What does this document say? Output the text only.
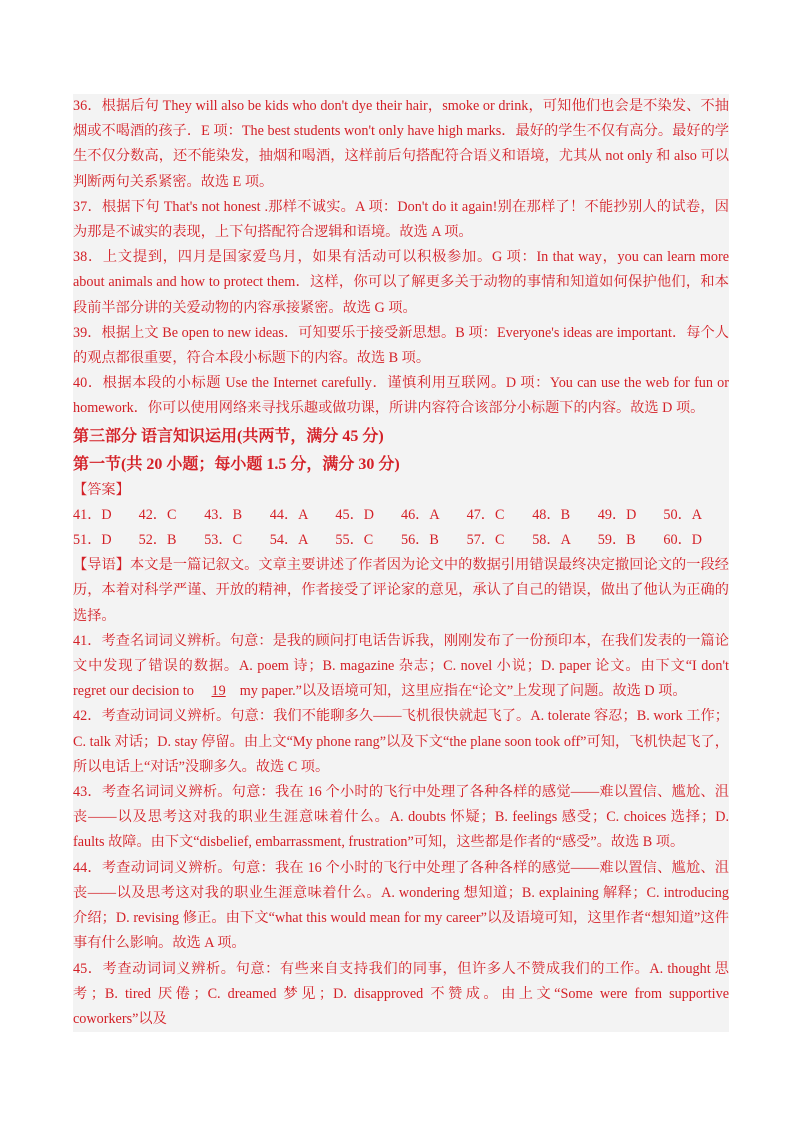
36．根据后句 They will also be kids who don't dye their hair，smoke or drink，可知他们也会是不染发、不抽烟或不喝酒的孩子．E 项：The best students won't only have high marks．最好的学生不仅有高分。最好的学生不仅分数高，还不能染发，抽烟和喝酒，这样前后句搭配符合语义和语境，尤其从 not only 和 also 可以判断两句关系紧密。故选 E 项。

37．根据下句 That's not honest .那样不诚实。A 项：Don't do it again!别在那样了！不能抄别人的试卷，因为那是不诚实的表现，上下句搭配符合逻辑和语境。故选 A 项。

38．上文提到，四月是国家爱鸟月，如果有活动可以积极参加。G 项：In that way，you can learn more about animals and how to protect them．这样，你可以了解更多关于动物的事情和知道如何保护他们，和本段前半部分讲的关爱动物的内容承接紧密。故选 G 项。

39．根据上文 Be open to new ideas．可知要乐于接受新思想。B 项：Everyone's ideas are important．每个人的观点都很重要，符合本段小标题下的内容。故选 B 项。

40．根据本段的小标题 Use the Internet carefully．谨慎利用互联网。D 项：You can use the web for fun or homework．你可以使用网络来寻找乐趣或做功课，所讲内容符合该部分小标题下的内容。故选 D 项。

第三部分 语言知识运用(共两节，满分 45 分)
第一节(共 20 小题；每小题 1.5 分，满分 30 分)

【答案】

41．D	42．C	43．B	44．A	45．D	46．A	47．C	48．B	49．D	50．A
51．D	52．B	53．C	54．A	55．C	56．B	57．C	58．A	59．B	60．D

【导语】本文是一篇记叙文。文章主要讲述了作者因为论文中的数据引用错误最终决定撤回论文的一段经历，本着对科学严谨、开放的精神，作者接受了评论家的意见，承认了自己的错误，做出了他认为正确的选择。

41．考查名词词义辨析。句意：是我的顾问打电话告诉我，刚刚发布了一份预印本，在我们发表的一篇论文中发现了错误的数据。A. poem 诗；B. magazine 杂志；C. novel 小说；D. paper 论文。由下文“I don't regret our decision to 19 my paper.”以及语境可知，这里应指在“论文”上发现了问题。故选 D 项。

42．考查动词词义辨析。句意：我们不能聊多久——飞机很快就起飞了。A. tolerate 容忍；B. work 工作；C. talk 对话；D. stay 停留。由上文“My phone rang”以及下文“the plane soon took off”可知，飞机快起飞了，所以电话上“对话”没聊多久。故选 C 项。

43．考查名词词义辨析。句意：我在 16 个小时的飞行中处理了各种各样的感觉——难以置信、尴尬、沮丧——以及思考这对我的职业生涯意味着什么。A. doubts 怀疑；B. feelings 感受；C. choices 选择；D. faults 故障。由下文“disbelief, embarrassment, frustration”可知，这些都是作者的“感受”。故选 B 项。

44．考查动词词义辨析。句意：我在 16 个小时的飞行中处理了各种各样的感觉——难以置信、尴尬、沮丧——以及思考这对我的职业生涯意味着什么。A. wondering 想知道；B. explaining 解释；C. introducing 介绍；D. revising 修正。由下文“what this would mean for my career”以及语境可知，这里作者“想知道”这件事有什么影响。故选 A 项。

45．考查动词词义辨析。句意：有些来自支持我们的同事，但许多人不赞成我们的工作。A. thought 思考；B. tired 厌倦；C. dreamed 梦见；D. disapproved 不赞成。由上文“Some were from supportive coworkers”以及
